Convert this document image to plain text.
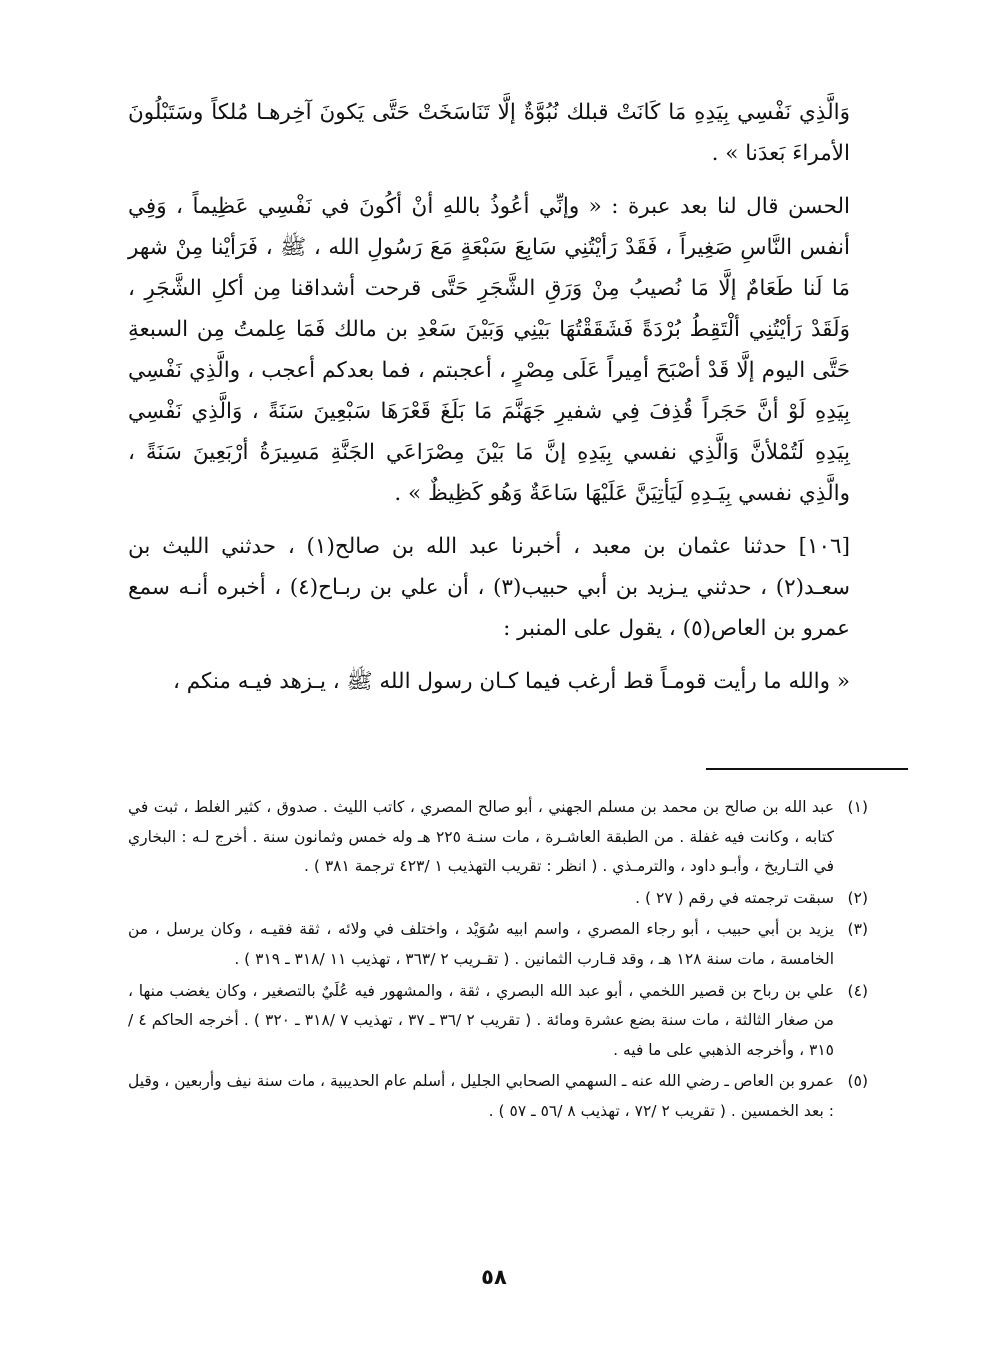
وَالَّذِي نَفْسِي بِيَدِهِ مَا كَانَتْ قبلك نُبُوَّةٌ إلَّا تَنَاسَخَتْ حَتَّى يَكونَ آخِرهـا مُلكاً وسَتَبْلُونَ الأمراءَ بَعدَنا » .

الحسن قال لنا بعد عبرة : « وإنِّي أعُوذُ باللهِ أنْ أكُونَ في نَفْسِي عَظِيماً ، وَفِي أنفس النَّاسِ صَغِيراً ، فَقَدْ رَأيْتُنِي سَابِعَ سَبْعَةٍ مَعَ رَسُولِ الله ، ﷺ ، فَرَأيْنا مِنْ شهر مَا لَنا طَعَامٌ إلَّا مَا نُصيبُ مِنْ وَرَقِ الشَّجَرِ حَتَّى قرحت أشداقنا مِن أكلِ الشَّجَرِ ، وَلَقَدْ رَأيْتُنِي ألْتَقِطُ بُرْدَةً فَشَقَقْتُهَا بَيْنِي وَبَيْنَ سَعْدِ بن مالك فَمَا عِلمتُ مِن السبعةِ حَتَّى اليوم إلَّا قَدْ أصْبَحَ أمِيراً عَلَى مِصْرٍ ، أعجبتم ، فما بعدكم أعجب ، والَّذِي نَفْسِي بِيَدِهِ لَوْ أنَّ حَجَراً قُذِفَ فِي شفيرِ جَهَنَّمَ مَا بَلَغَ قَعْرَهَا سَبْعِينَ سَنَةً ، وَالَّذِي نَفْسِي بِيَدِهِ لَتُمْلأنَّ وَالَّذِي نفسي بِيَدِهِ إنَّ مَا بَيْنَ مِصْرَاعَي الجَنَّةِ مَسِيرَةُ أرْبَعِينَ سَنَةً ، والَّذِي نفسي بِيَـدِهِ لَيَأتِيَنَّ عَلَيْهَا سَاعَةٌ وَهُو كَظِيظٌ » .

[١٠٦] حدثنا عثمان بن معبد ، أخبرنا عبد الله بن صالح(١) ، حدثني الليث بن سعـد(٢) ، حدثني يـزيد بن أبي حبيب(٣) ، أن علي بن ربـاح(٤) ، أخبره أنـه سمع عمرو بن العاص(٥) ، يقول على المنبر :

« والله ما رأيت قومـاً قط أرغب فيما كـان رسول الله ﷺ ، يـزهد فيـه منكم ،

(١)
عبد الله بن صالح بن محمد بن مسلم الجهني ، أبو صالح المصري ، كاتب الليث . صدوق ، كثير الغلط ، ثبت في كتابه ، وكانت فيه غفلة . من الطبقة العاشـرة ، مات سنـة ٢٢٥ هـ وله خمس وثمانون سنة . أخرج لـه : البخاري في التـاريخ ، وأبـو داود ، والترمـذي . ( انظر : تقريب التهذيب ١ /٤٢٣ ترجمة ٣٨١ ) .
(٢)
سبقت ترجمته في رقم ( ٢٧ ) .
(٣)
يزيد بن أبي حبيب ، أبو رجاء المصري ، واسم ابيه سُوَيْد ، واختلف في ولائه ، ثقة فقيـه ، وكان يرسل ، من الخامسة ، مات سنة ١٢٨ هـ ، وقد قـارب الثمانين . ( تقـريب ٢ /٣٦٣ ، تهذيب ١١ /٣١٨ ـ ٣١٩ ) .
(٤)
علي بن رباح بن قصير اللخمي ، أبو عبد الله البصري ، ثقة ، والمشهور فيه عُلَيٌ بالتصغير ، وكان يغضب منها ، من صغار الثالثة ، مات سنة بضع عشرة ومائة . ( تقريب ٢ /٣٦ ـ ٣٧ ، تهذيب ٧ /٣١٨ ـ ٣٢٠ ) . أخرجه الحاكم ٤ /٣١٥ ، وأخرجه الذهبي على ما فيه .
(٥)
عمرو بن العاص ـ رضي الله عنه ـ السهمي الصحابي الجليل ، أسلم عام الحديبية ، مات سنة نيف وأربعين ، وقيل : بعد الخمسين . ( تقريب ٢ /٧٢ ، تهذيب ٨ /٥٦ ـ ٥٧ ) .
٥٨
